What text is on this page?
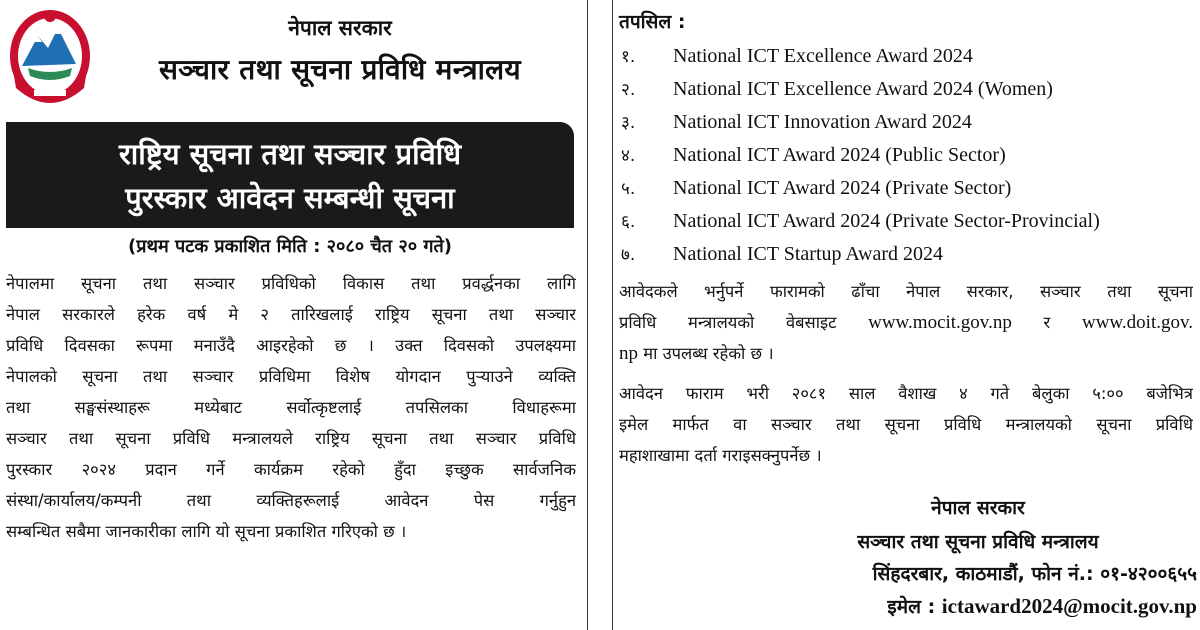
नेपाल सरकार
सञ्चार तथा सूचना प्रविधि मन्त्रालय
राष्ट्रिय सूचना तथा सञ्चार प्रविधि
पुरस्कार आवेदन सम्बन्धी सूचना
(प्रथम पटक प्रकाशित मिति : २०८० चैत २० गते)
नेपालमा सूचना तथा सञ्चार प्रविधिको विकास तथा प्रवर्द्धनका लागि
नेपाल सरकारले हरेक वर्ष मे २ तारिखलाई राष्ट्रिय सूचना तथा सञ्चार
प्रविधि दिवसका रूपमा मनाउँदै आइरहेको छ । उक्त दिवसको उपलक्ष्यमा
नेपालको सूचना तथा सञ्चार प्रविधिमा विशेष योगदान पुर्‍याउने व्यक्ति
तथा सङ्घसंस्थाहरू मध्येबाट सर्वोत्कृष्टलाई तपसिलका विधाहरूमा
सञ्चार तथा सूचना प्रविधि मन्त्रालयले राष्ट्रिय सूचना तथा सञ्चार प्रविधि
पुरस्कार २०२४ प्रदान गर्ने कार्यक्रम रहेको हुँदा इच्छुक सार्वजनिक
संस्था/कार्यालय/कम्पनी तथा व्यक्तिहरूलाई आवेदन पेस गर्नुहुन
सम्बन्धित सबैमा जानकारीका लागि यो सूचना प्रकाशित गरिएको छ ।
तपसिल :
१. National ICT Excellence Award 2024
२. National ICT Excellence Award 2024 (Women)
३. National ICT Innovation Award 2024
४. National ICT Award 2024 (Public Sector)
५. National ICT Award 2024 (Private Sector)
६. National ICT Award 2024 (Private Sector-Provincial)
७. National ICT Startup Award 2024
आवेदकले भर्नुपर्ने फारामको ढाँचा नेपाल सरकार, सञ्चार तथा सूचना
प्रविधि मन्त्रालयको वेबसाइट www.mocit.gov.np र www.doit.gov.
np मा उपलब्ध रहेको छ ।
आवेदन फाराम भरी २०८१ साल वैशाख ४ गते बेलुका ५:०० बजेभित्र
इमेल मार्फत वा सञ्चार तथा सूचना प्रविधि मन्त्रालयको सूचना प्रविधि
महाशाखामा दर्ता गराइसक्नुपर्नेछ ।
नेपाल सरकार
सञ्चार तथा सूचना प्रविधि मन्त्रालय
सिंहदरबार, काठमाडौं, फोन नं.: ०१-४२००६५५
इमेल : ictaward2024@mocit.gov.np
